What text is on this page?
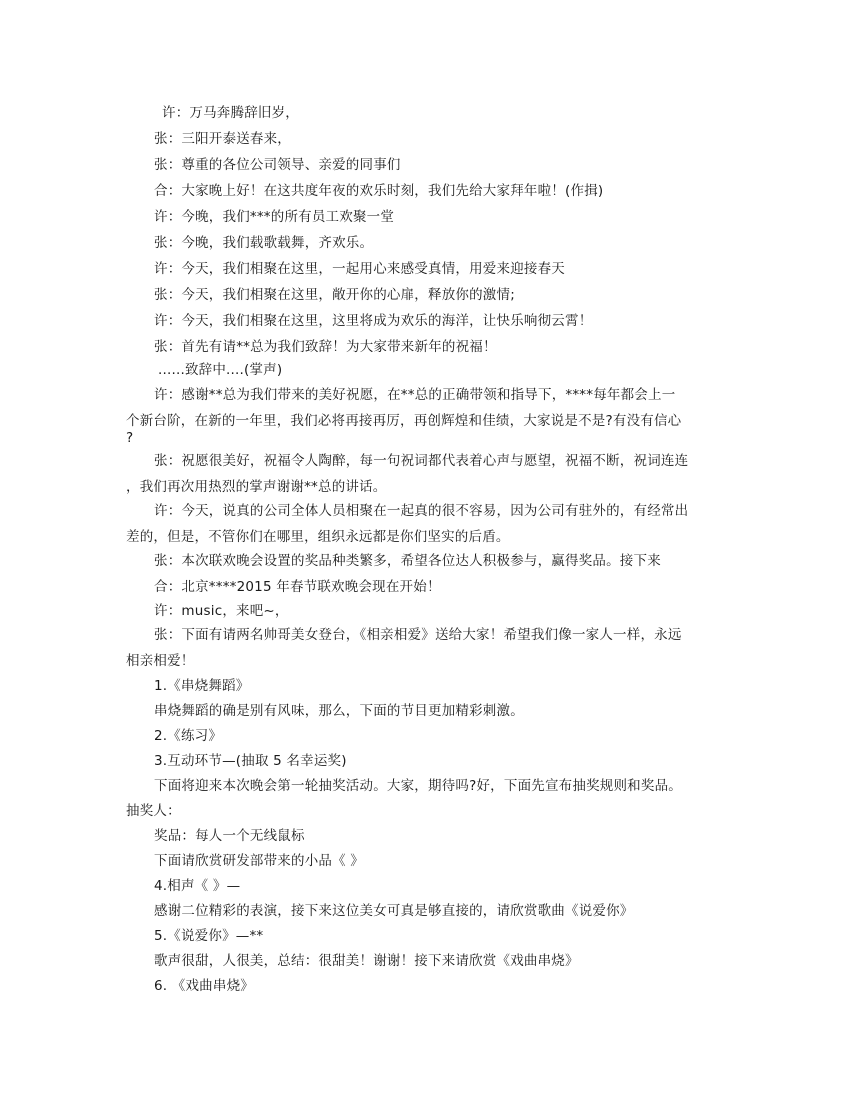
许：万马奔腾辞旧岁，
张：三阳开泰送春来，
张：尊重的各位公司领导、亲爱的同事们
合：大家晚上好！在这共度年夜的欢乐时刻，我们先给大家拜年啦！(作揖)
许：今晚，我们***的所有员工欢聚一堂
张：今晚，我们载歌载舞，齐欢乐。
许：今天，我们相聚在这里，一起用心来感受真情，用爱来迎接春天
张：今天，我们相聚在这里，敞开你的心扉，释放你的激情;
许：今天，我们相聚在这里，这里将成为欢乐的海洋，让快乐响彻云霄！
张：首先有请**总为我们致辞！为大家带来新年的祝福！
......致辞中....(掌声)
许：感谢**总为我们带来的美好祝愿，在**总的正确带领和指导下，****每年都会上一
个新台阶，在新的一年里，我们必将再接再厉，再创辉煌和佳绩，大家说是不是?有没有信心
?
张：祝愿很美好，祝福令人陶醉，每一句祝词都代表着心声与愿望，祝福不断，祝词连连
，我们再次用热烈的掌声谢谢**总的讲话。
许：今天，说真的公司全体人员相聚在一起真的很不容易，因为公司有驻外的，有经常出
差的，但是，不管你们在哪里，组织永远都是你们坚实的后盾。
张：本次联欢晚会设置的奖品种类繁多，希望各位达人积极参与，赢得奖品。接下来
合：北京****2015 年春节联欢晚会现在开始！
许：music，来吧~，
张：下面有请两名帅哥美女登台，《相亲相爱》送给大家！希望我们像一家人一样，永远
相亲相爱！
1.《串烧舞蹈》
串烧舞蹈的确是别有风味，那么，下面的节目更加精彩刺激。
2.《练习》
3.互动环节—(抽取 5 名幸运奖)
下面将迎来本次晚会第一轮抽奖活动。大家，期待吗?好，下面先宣布抽奖规则和奖品。
抽奖人：
奖品：每人一个无线鼠标
下面请欣赏研发部带来的小品《 》
4.相声《 》—
感谢二位精彩的表演，接下来这位美女可真是够直接的，请欣赏歌曲《说爱你》
5.《说爱你》—**
歌声很甜，人很美，总结：很甜美！谢谢！接下来请欣赏《戏曲串烧》
6. 《戏曲串烧》
